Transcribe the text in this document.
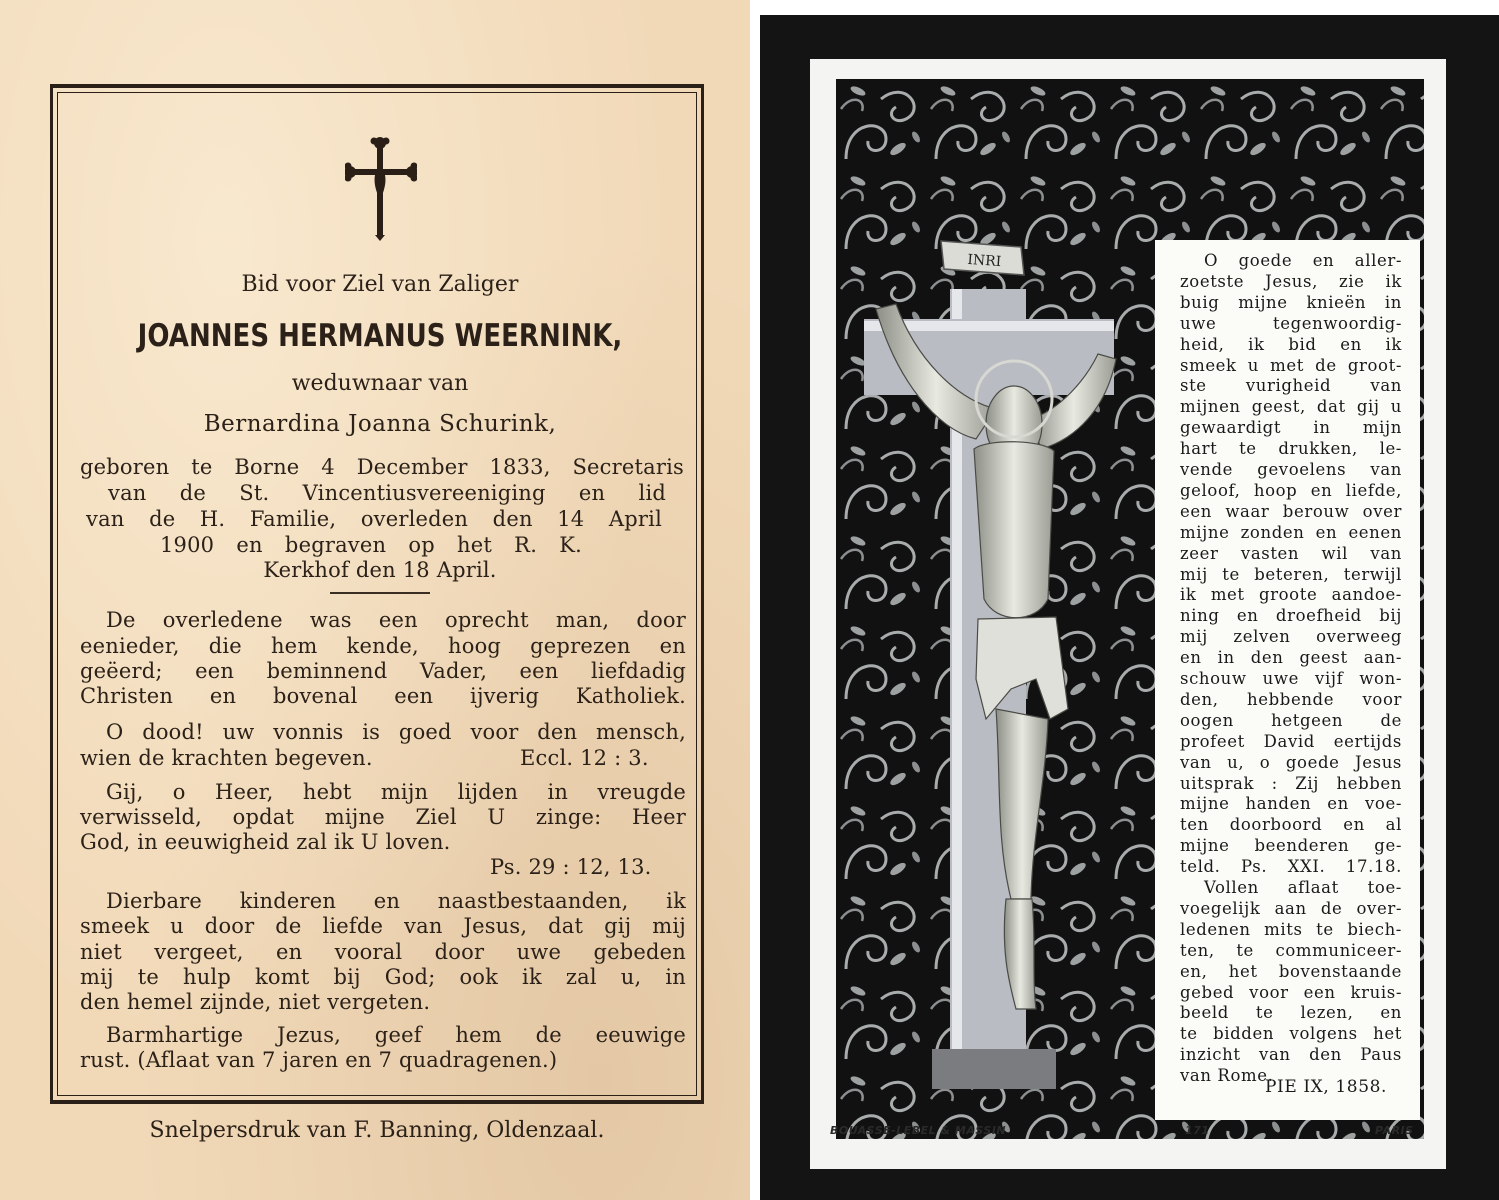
Bid voor Ziel van Zaliger
JOANNES HERMANUS WEERNINK,
weduwnaar van
Bernardina Joanna Schurink,
geboren te Borne 4 December 1833, Secretaris
van de St. Vincentiusvereeniging en lid
van de H. Familie, overleden den 14 April
1900 en begraven op het R. K.
Kerkhof den 18 April.
De overledene was een oprecht man, door
eenieder, die hem kende, hoog geprezen en
geëerd; een beminnend Vader, een liefdadig
Christen en bovenal een ijverig Katholiek.
O dood! uw vonnis is goed voor den mensch,
wien de krachten begeven.	Eccl. 12 : 3.
Gij, o Heer, hebt mijn lijden in vreugde
verwisseld, opdat mijne Ziel U zinge: Heer
God, in eeuwigheid zal ik U loven.
Ps. 29 : 12, 13.
Dierbare kinderen en naastbestaanden, ik
smeek u door de liefde van Jesus, dat gij mij
niet vergeet, en vooral door uwe gebeden
mij te hulp komt bij God; ook ik zal u, in
den hemel zijnde, niet vergeten.
Barmhartige Jezus, geef hem de eeuwige
rust. (Aflaat van 7 jaren en 7 quadragenen.)
Snelpersdruk van F. Banning, Oldenzaal.
INRI	O goede en aller-
zoetste Jesus, zie ik
buig mijne knieën in
uwe tegenwoordig-
heid, ik bid en ik
smeek u met de groot-
ste vurigheid van
mijnen geest, dat gij u
gewaardigt in mijn
hart te drukken, le-
vende gevoelens van
geloof, hoop en liefde,
een waar berouw over
mijne zonden en eenen
zeer vasten wil van
mij te beteren, terwijl
ik met groote aandoe-
ning en droefheid bij
mij zelven overweeg
en in den geest aan-
schouw uwe vijf won-
den, hebbende voor
oogen hetgeen de
profeet David eertijds
van u, o goede Jesus
uitsprak : Zij hebben
mijne handen en voe-
ten doorboord en al
mijne beenderen ge-
teld. Ps. XXI. 17.18.
Vollen aflaat toe-
voegelijk aan de over-
ledenen mits te biech-
ten, te communiceer-
en, het bovenstaande
gebed voor een kruis-
beeld te lezen, en
te bidden volgens het
inzicht van den Paus
van Rome.
PIE IX, 1858.
BOUASSE-LEBEL & MASSIN	171	PARIS
